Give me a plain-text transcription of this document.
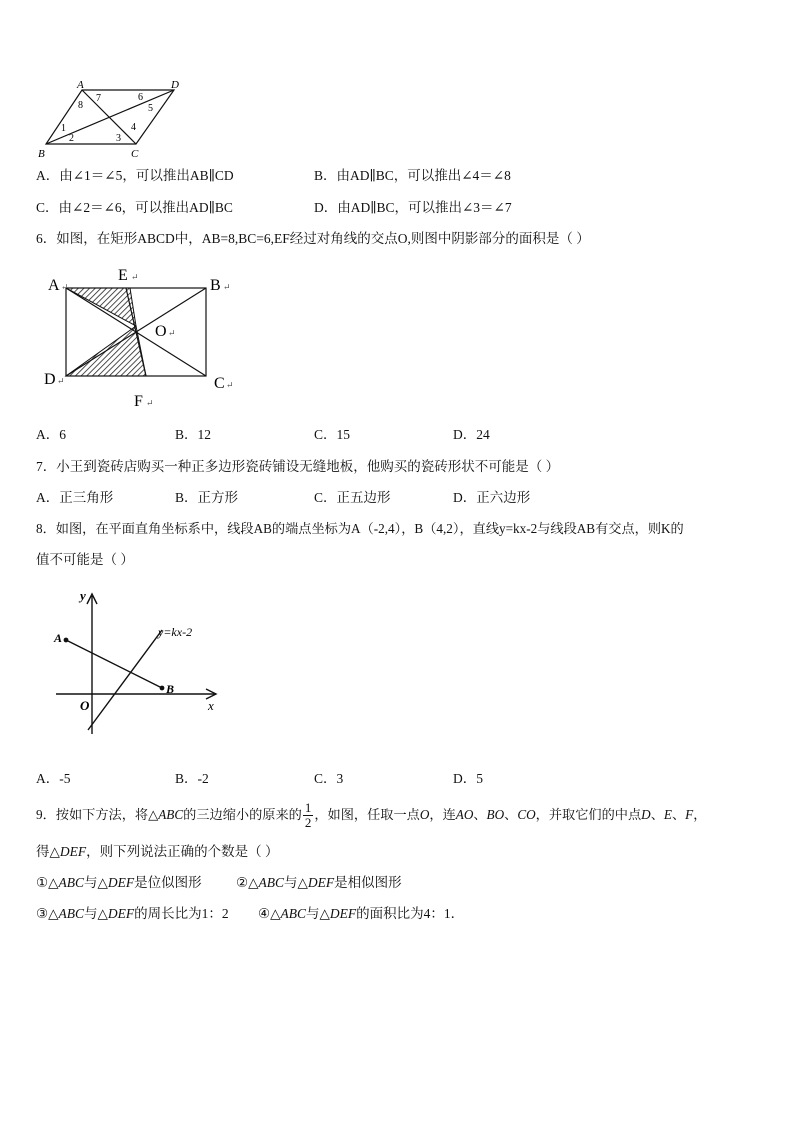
A	D
B	C
1
2	3
4
5
6
7
8
A．由∠1＝∠5，可以推出AB∥CD	B．由AD∥BC，可以推出∠4＝∠8
C．由∠2＝∠6，可以推出AD∥BC	D．由AD∥BC，可以推出∠3＝∠7
6．如图，在矩形ABCD中，AB=8,BC=6,EF经过对角线的交点O,则图中阴影部分的面积是（ ）
A
E
B
O
D	C
F
↵
↵
↵
↵
↵	↵
↵
A．6	B．12	C．15	D．24
7．小王到瓷砖店购买一种正多边形瓷砖铺设无缝地板，他购买的瓷砖形状不可能是（ ）
A．正三角形	B．正方形	C．正五边形	D．正六边形
8．如图，在平面直角坐标系中，线段AB的端点坐标为A（-2,4），B（4,2），直线y=kx-2与线段AB有交点，则K的
值不可能是（ ）
y
x
O
A
B
y=kx-2
A．-5	B．-2	C．3	D．5
9．按如下方法，将△ABC的三边缩小的原来的 $\frac{1}{2}$ ，如图，任取一点O，连AO、BO、CO，并取它们的中点D、E、F，
得△DEF，则下列说法正确的个数是（ ）
①△ABC与△DEF是位似图形	②△ABC与△DEF是相似图形
③△ABC与△DEF的周长比为1：2 ④△ABC与△DEF的面积比为4：1．
